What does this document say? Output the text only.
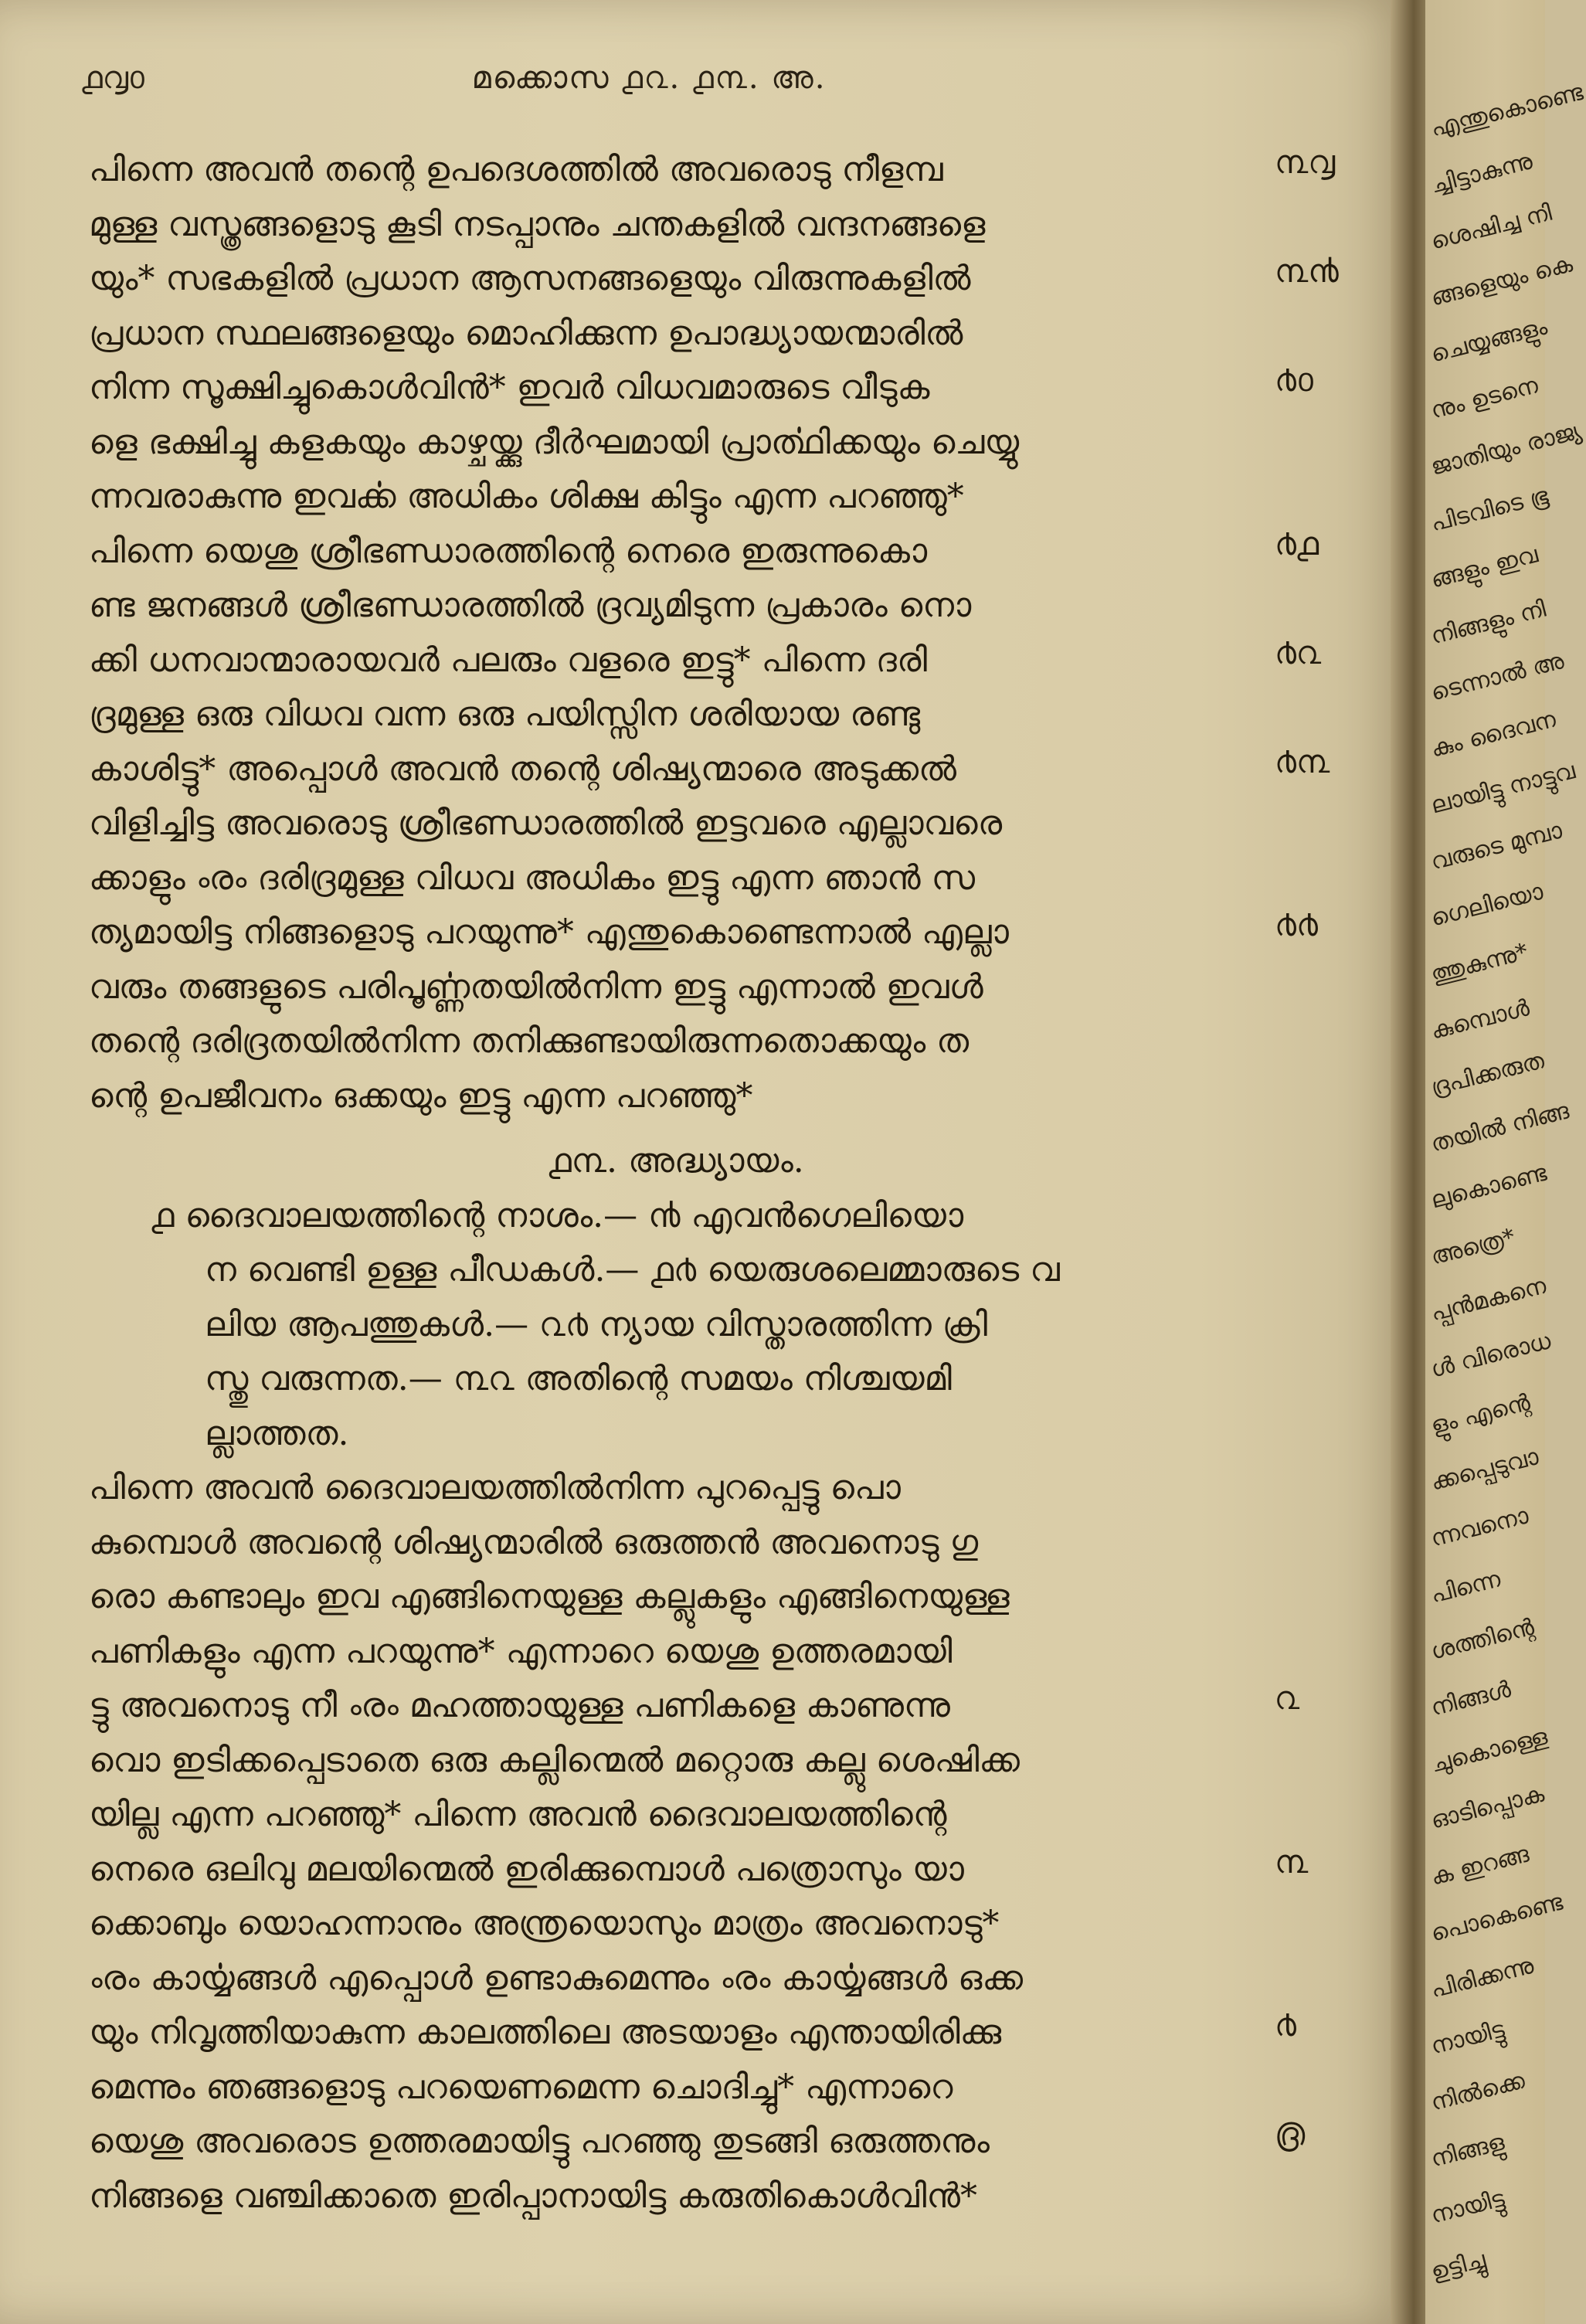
൧൮൦	മക്കൊസ ൧൨. ൧൩. അ.
പിന്നെ അവൻ തന്റെ ഉപദെശത്തിൽ അവരൊടു നീളമ്പ
മുള്ള വസ്ത്രങ്ങളൊടു കൂടി നടപ്പാനും ചന്തകളിൽ വന്ദനങ്ങളെ
യും* സഭകളിൽ പ്രധാന ആസനങ്ങളെയും വിരുന്നുകളിൽ
പ്രധാന സ്ഥലങ്ങളെയും മൊഹിക്കുന്ന ഉപാദ്ധ്യായന്മാരിൽ
നിന്ന സൂക്ഷിച്ചുകൊൾവിൻ* ഇവർ വിധവമാരുടെ വീടുക
ളെ ഭക്ഷിച്ചു കളകയും കാഴ്ചയ്ക്കു ദീർഘമായി പ്രാൎത്ഥിക്കയും ചെയ്യു
ന്നവരാകുന്നു ഇവൎക്ക അധികം ശിക്ഷ കിട്ടും എന്ന പറഞ്ഞു*
പിന്നെ യെശു ശ്രീഭണ്ഡാരത്തിന്റെ നെരെ ഇരുന്നുകൊ
ണ്ട ജനങ്ങൾ ശ്രീഭണ്ഡാരത്തിൽ ദ്രവ്യമിടുന്ന പ്രകാരം നൊ
ക്കി ധനവാന്മാരായവർ പലരും വളരെ ഇട്ടു* പിന്നെ ദരി
ദ്രമുള്ള ഒരു വിധവ വന്ന ഒരു പയിസ്സിന ശരിയായ രണ്ടു
കാശിട്ടു* അപ്പൊൾ അവൻ തന്റെ ശിഷ്യന്മാരെ അടുക്കൽ
വിളിച്ചിട്ട അവരൊടു ശ്രീഭണ്ഡാരത്തിൽ ഇട്ടവരെ എല്ലാവരെ
ക്കാളും ൟ ദരിദ്രമുള്ള വിധവ അധികം ഇട്ടു എന്ന ഞാൻ സ
ത്യമായിട്ട നിങ്ങളൊടു പറയുന്നു* എന്തുകൊണ്ടെന്നാൽ എല്ലാ
വരും തങ്ങളുടെ പരിപൂൎണ്ണതയിൽനിന്ന ഇട്ടു എന്നാൽ ഇവൾ
തന്റെ ദരിദ്രതയിൽനിന്ന തനിക്കുണ്ടായിരുന്നതൊക്കയും ത
ന്റെ ഉപജീവനം ഒക്കയും ഇട്ടു എന്ന പറഞ്ഞു*
൧൩. അദ്ധ്യായം.
൧ ദൈവാലയത്തിന്റെ നാശം.— ൯ എവൻഗെലിയൊ
ന വെണ്ടി ഉള്ള പീഡകൾ.— ൧൪ യെരുശലെമ്മാരുടെ വ
ലിയ ആപത്തുകൾ.— ൨൪ ന്യായ വിസ്താരത്തിന്ന ക്രി
സ്തു വരുന്നത.— ൩൨ അതിന്റെ സമയം നിശ്ചയമി
ല്ലാത്തത.
പിന്നെ അവൻ ദൈവാലയത്തിൽനിന്ന പുറപ്പെട്ടു പൊ
കുമ്പൊൾ അവന്റെ ശിഷ്യന്മാരിൽ ഒരുത്തൻ അവനൊടു ഗു
രൊ കണ്ടാലും ഇവ എങ്ങിനെയുള്ള കല്ലുകളും എങ്ങിനെയുള്ള
പണികളും എന്ന പറയുന്നു* എന്നാറെ യെശു ഉത്തരമായി
ട്ടു അവനൊടു നീ ൟ മഹത്തായുള്ള പണികളെ കാണുന്നു
വൊ ഇടിക്കപ്പെടാതെ ഒരു കല്ലിന്മെൽ മറ്റൊരു കല്ലു ശെഷിക്ക
യില്ല എന്ന പറഞ്ഞു* പിന്നെ അവൻ ദൈവാലയത്തിന്റെ
നെരെ ഒലിവു മലയിന്മെൽ ഇരിക്കുമ്പൊൾ പത്രൊസും യാ
ക്കൊബും യൊഹന്നാനും അന്ത്രയൊസും മാത്രം അവനൊടു*
ൟ കാൎയ്യങ്ങൾ എപ്പൊൾ ഉണ്ടാകുമെന്നും ൟ കാൎയ്യങ്ങൾ ഒക്ക
യും നിവൃത്തിയാകുന്ന കാലത്തിലെ അടയാളം എന്തായിരിക്കു
മെന്നും ഞങ്ങളൊടു പറയെണമെന്ന ചൊദിച്ചു* എന്നാറെ
യെശു അവരൊട ഉത്തരമായിട്ടു പറഞ്ഞു തുടങ്ങി ഒരുത്തനും
നിങ്ങളെ വഞ്ചിക്കാതെ ഇരിപ്പാനായിട്ട കരുതികൊൾവിൻ*
൩൮
൩൯
൪൦
൪൧
൪൨
൪൩
൪൪
൨
൩
൪
൫
എന്തുകൊണ്ടെ
ച്ചിട്ടാകുന്നു
ശെഷിച്ച നി
ങ്ങളെയും കെ
ചെയ്യങ്ങളും
നും ഉടനെ
ജാതിയും രാജ്യ
പിടവിടെ ഭൂ
ങ്ങളും ഇവ
നിങ്ങളും നി
ടെന്നാൽ അ
കും ദൈവന
ലായിട്ടു നാട്ടുവ
വരുടെ മുമ്പാ
ഗെലിയൊ
ത്തുകുന്നു*
കുമ്പൊൾ
ദ്രപിക്കരുത
തയിൽ നിങ്ങ
ലുകൊണ്ടെ
അത്രെ*
പ്പൻമകനെ
ൾ വിരൊധ
ളും എന്റെ
ക്കപ്പെടുവാ
ന്നവനൊ
പിന്നെ
ശത്തിന്റെ
നിങ്ങൾ
ചുകൊള്ളെ
ഓടിപ്പൊക
ക ഇറങ്ങ
പൊകെണ്ടെ
പിരിക്കന്നു
നായിട്ടു
നിൽക്കെ
നിങ്ങളു
നായിട്ടു
ഉട്ടിച്ചു
